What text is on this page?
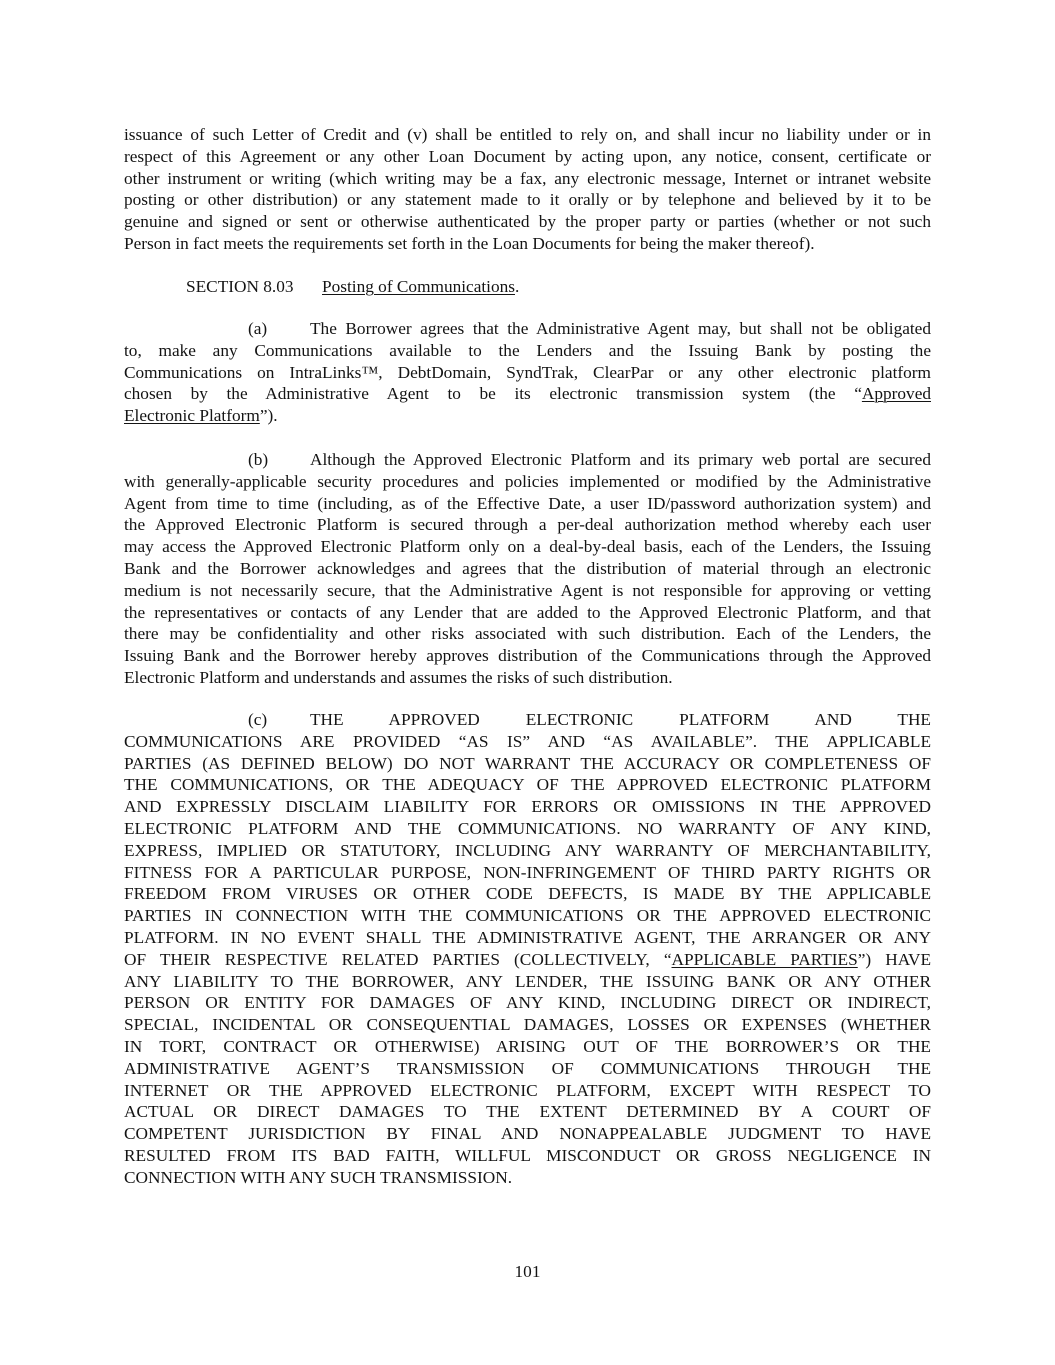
issuance of such Letter of Credit and (v) shall be entitled to rely on, and shall incur no liability under or in
respect of this Agreement or any other Loan Document by acting upon, any notice, consent, certificate or
other instrument or writing (which writing may be a fax, any electronic message, Internet or intranet website
posting or other distribution) or any statement made to it orally or by telephone and believed by it to be
genuine and signed or sent or otherwise authenticated by the proper party or parties (whether or not such
Person in fact meets the requirements set forth in the Loan Documents for being the maker thereof).
SECTION 8.03 Posting of Communications.
(a)	The Borrower agrees that the Administrative Agent may, but shall not be obligated
to, make any Communications available to the Lenders and the Issuing Bank by posting the
Communications on IntraLinks™, DebtDomain, SyndTrak, ClearPar or any other electronic platform
chosen by the Administrative Agent to be its electronic transmission system (the “Approved
Electronic Platform”).
(b)	Although the Approved Electronic Platform and its primary web portal are secured
with generally-applicable security procedures and policies implemented or modified by the Administrative
Agent from time to time (including, as of the Effective Date, a user ID/password authorization system) and
the Approved Electronic Platform is secured through a per-deal authorization method whereby each user
may access the Approved Electronic Platform only on a deal-by-deal basis, each of the Lenders, the Issuing
Bank and the Borrower acknowledges and agrees that the distribution of material through an electronic
medium is not necessarily secure, that the Administrative Agent is not responsible for approving or vetting
the representatives or contacts of any Lender that are added to the Approved Electronic Platform, and that
there may be confidentiality and other risks associated with such distribution. Each of the Lenders, the
Issuing Bank and the Borrower hereby approves distribution of the Communications through the Approved
Electronic Platform and understands and assumes the risks of such distribution.
(c)	THE APPROVED ELECTRONIC PLATFORM AND THE
COMMUNICATIONS ARE PROVIDED “AS IS” AND “AS AVAILABLE”. THE APPLICABLE
PARTIES (AS DEFINED BELOW) DO NOT WARRANT THE ACCURACY OR COMPLETENESS OF
THE COMMUNICATIONS, OR THE ADEQUACY OF THE APPROVED ELECTRONIC PLATFORM
AND EXPRESSLY DISCLAIM LIABILITY FOR ERRORS OR OMISSIONS IN THE APPROVED
ELECTRONIC PLATFORM AND THE COMMUNICATIONS. NO WARRANTY OF ANY KIND,
EXPRESS, IMPLIED OR STATUTORY, INCLUDING ANY WARRANTY OF MERCHANTABILITY,
FITNESS FOR A PARTICULAR PURPOSE, NON-INFRINGEMENT OF THIRD PARTY RIGHTS OR
FREEDOM FROM VIRUSES OR OTHER CODE DEFECTS, IS MADE BY THE APPLICABLE
PARTIES IN CONNECTION WITH THE COMMUNICATIONS OR THE APPROVED ELECTRONIC
PLATFORM. IN NO EVENT SHALL THE ADMINISTRATIVE AGENT, THE ARRANGER OR ANY
OF THEIR RESPECTIVE RELATED PARTIES (COLLECTIVELY, “APPLICABLE PARTIES”) HAVE
ANY LIABILITY TO THE BORROWER, ANY LENDER, THE ISSUING BANK OR ANY OTHER
PERSON OR ENTITY FOR DAMAGES OF ANY KIND, INCLUDING DIRECT OR INDIRECT,
SPECIAL, INCIDENTAL OR CONSEQUENTIAL DAMAGES, LOSSES OR EXPENSES (WHETHER
IN TORT, CONTRACT OR OTHERWISE) ARISING OUT OF THE BORROWER’S OR THE
ADMINISTRATIVE AGENT’S TRANSMISSION OF COMMUNICATIONS THROUGH THE
INTERNET OR THE APPROVED ELECTRONIC PLATFORM, EXCEPT WITH RESPECT TO
ACTUAL OR DIRECT DAMAGES TO THE EXTENT DETERMINED BY A COURT OF
COMPETENT JURISDICTION BY FINAL AND NONAPPEALABLE JUDGMENT TO HAVE
RESULTED FROM ITS BAD FAITH, WILLFUL MISCONDUCT OR GROSS NEGLIGENCE IN
CONNECTION WITH ANY SUCH TRANSMISSION.
101
